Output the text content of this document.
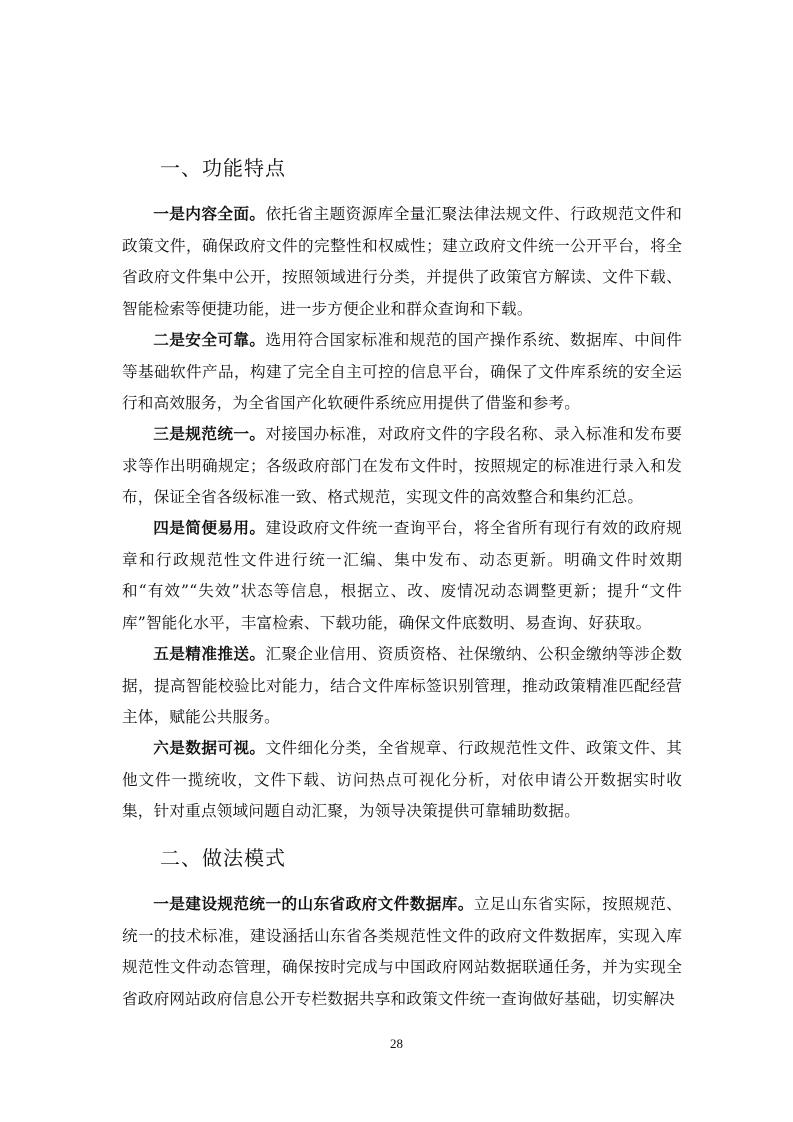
一、功能特点
一是内容全面。依托省主题资源库全量汇聚法律法规文件、行政规范文件和政策文件，确保政府文件的完整性和权威性；建立政府文件统一公开平台，将全省政府文件集中公开，按照领域进行分类，并提供了政策官方解读、文件下载、智能检索等便捷功能，进一步方便企业和群众查询和下载。
二是安全可靠。选用符合国家标准和规范的国产操作系统、数据库、中间件等基础软件产品，构建了完全自主可控的信息平台，确保了文件库系统的安全运行和高效服务，为全省国产化软硬件系统应用提供了借鉴和参考。
三是规范统一。对接国办标准，对政府文件的字段名称、录入标准和发布要求等作出明确规定；各级政府部门在发布文件时，按照规定的标准进行录入和发布，保证全省各级标准一致、格式规范，实现文件的高效整合和集约汇总。
四是简便易用。建设政府文件统一查询平台，将全省所有现行有效的政府规章和行政规范性文件进行统一汇编、集中发布、动态更新。明确文件时效期和“有效”“失效”状态等信息，根据立、改、废情况动态调整更新；提升“文件库”智能化水平，丰富检索、下载功能，确保文件底数明、易查询、好获取。
五是精准推送。汇聚企业信用、资质资格、社保缴纳、公积金缴纳等涉企数据，提高智能校验比对能力，结合文件库标签识别管理，推动政策精准匹配经营主体，赋能公共服务。
六是数据可视。文件细化分类，全省规章、行政规范性文件、政策文件、其他文件一揽统收，文件下载、访问热点可视化分析，对依申请公开数据实时收集，针对重点领域问题自动汇聚，为领导决策提供可靠辅助数据。
二、做法模式
一是建设规范统一的山东省政府文件数据库。立足山东省实际，按照规范、统一的技术标准，建设涵括山东省各类规范性文件的政府文件数据库，实现入库规范性文件动态管理，确保按时完成与中国政府网站数据联通任务，并为实现全省政府网站政府信息公开专栏数据共享和政策文件统一查询做好基础，切实解决
28
